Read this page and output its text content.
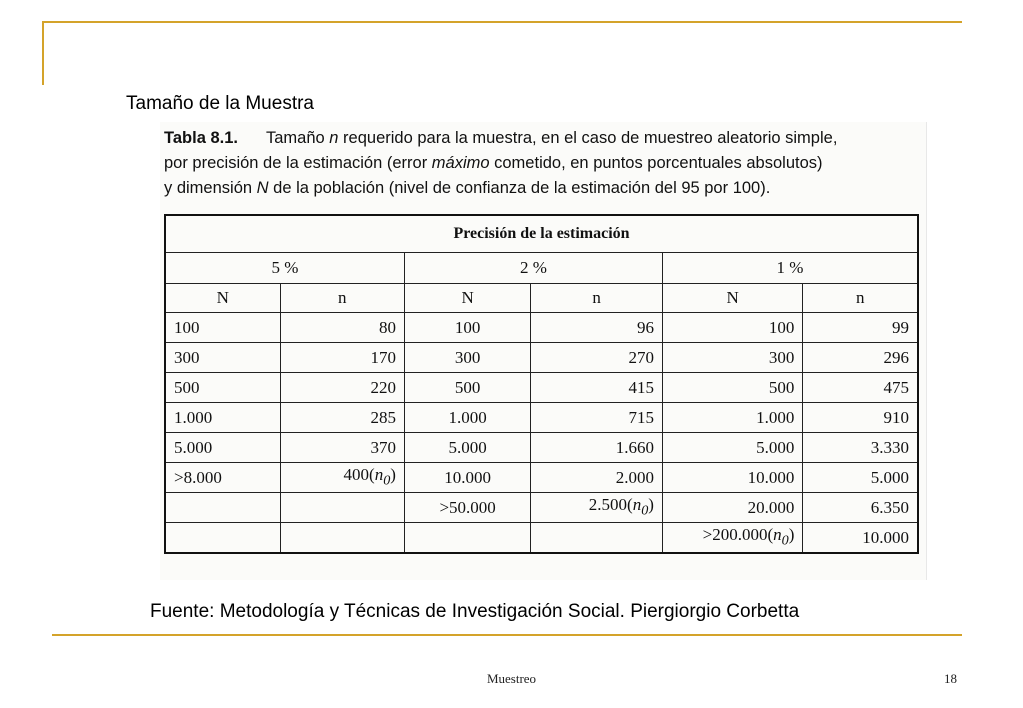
Tamaño de la Muestra
Tabla 8.1. Tamaño n requerido para la muestra, en el caso de muestreo aleatorio simple,
por precisión de la estimación (error máximo cometido, en puntos porcentuales absolutos)
y dimensión N de la población (nivel de confianza de la estimación del 95 por 100).
Precisión de la estimación					
5 %		2 %		1 %	
N	n	N	n	N	n
100	80	100	96	100	99
300	170	300	270	300	296
500	220	500	415	500	475
1.000	285	1.000	715	1.000	910
5.000	370	5.000	1.660	5.000	3.330
>8.000	$400(n_0)$	10.000	2.000	10.000	5.000
		>50.000	$2.500(n_0)$	20.000	6.350
				$>200.000(n_0)$	10.000
Fuente: Metodología y Técnicas de Investigación Social. Piergiorgio Corbetta
Muestreo	18
